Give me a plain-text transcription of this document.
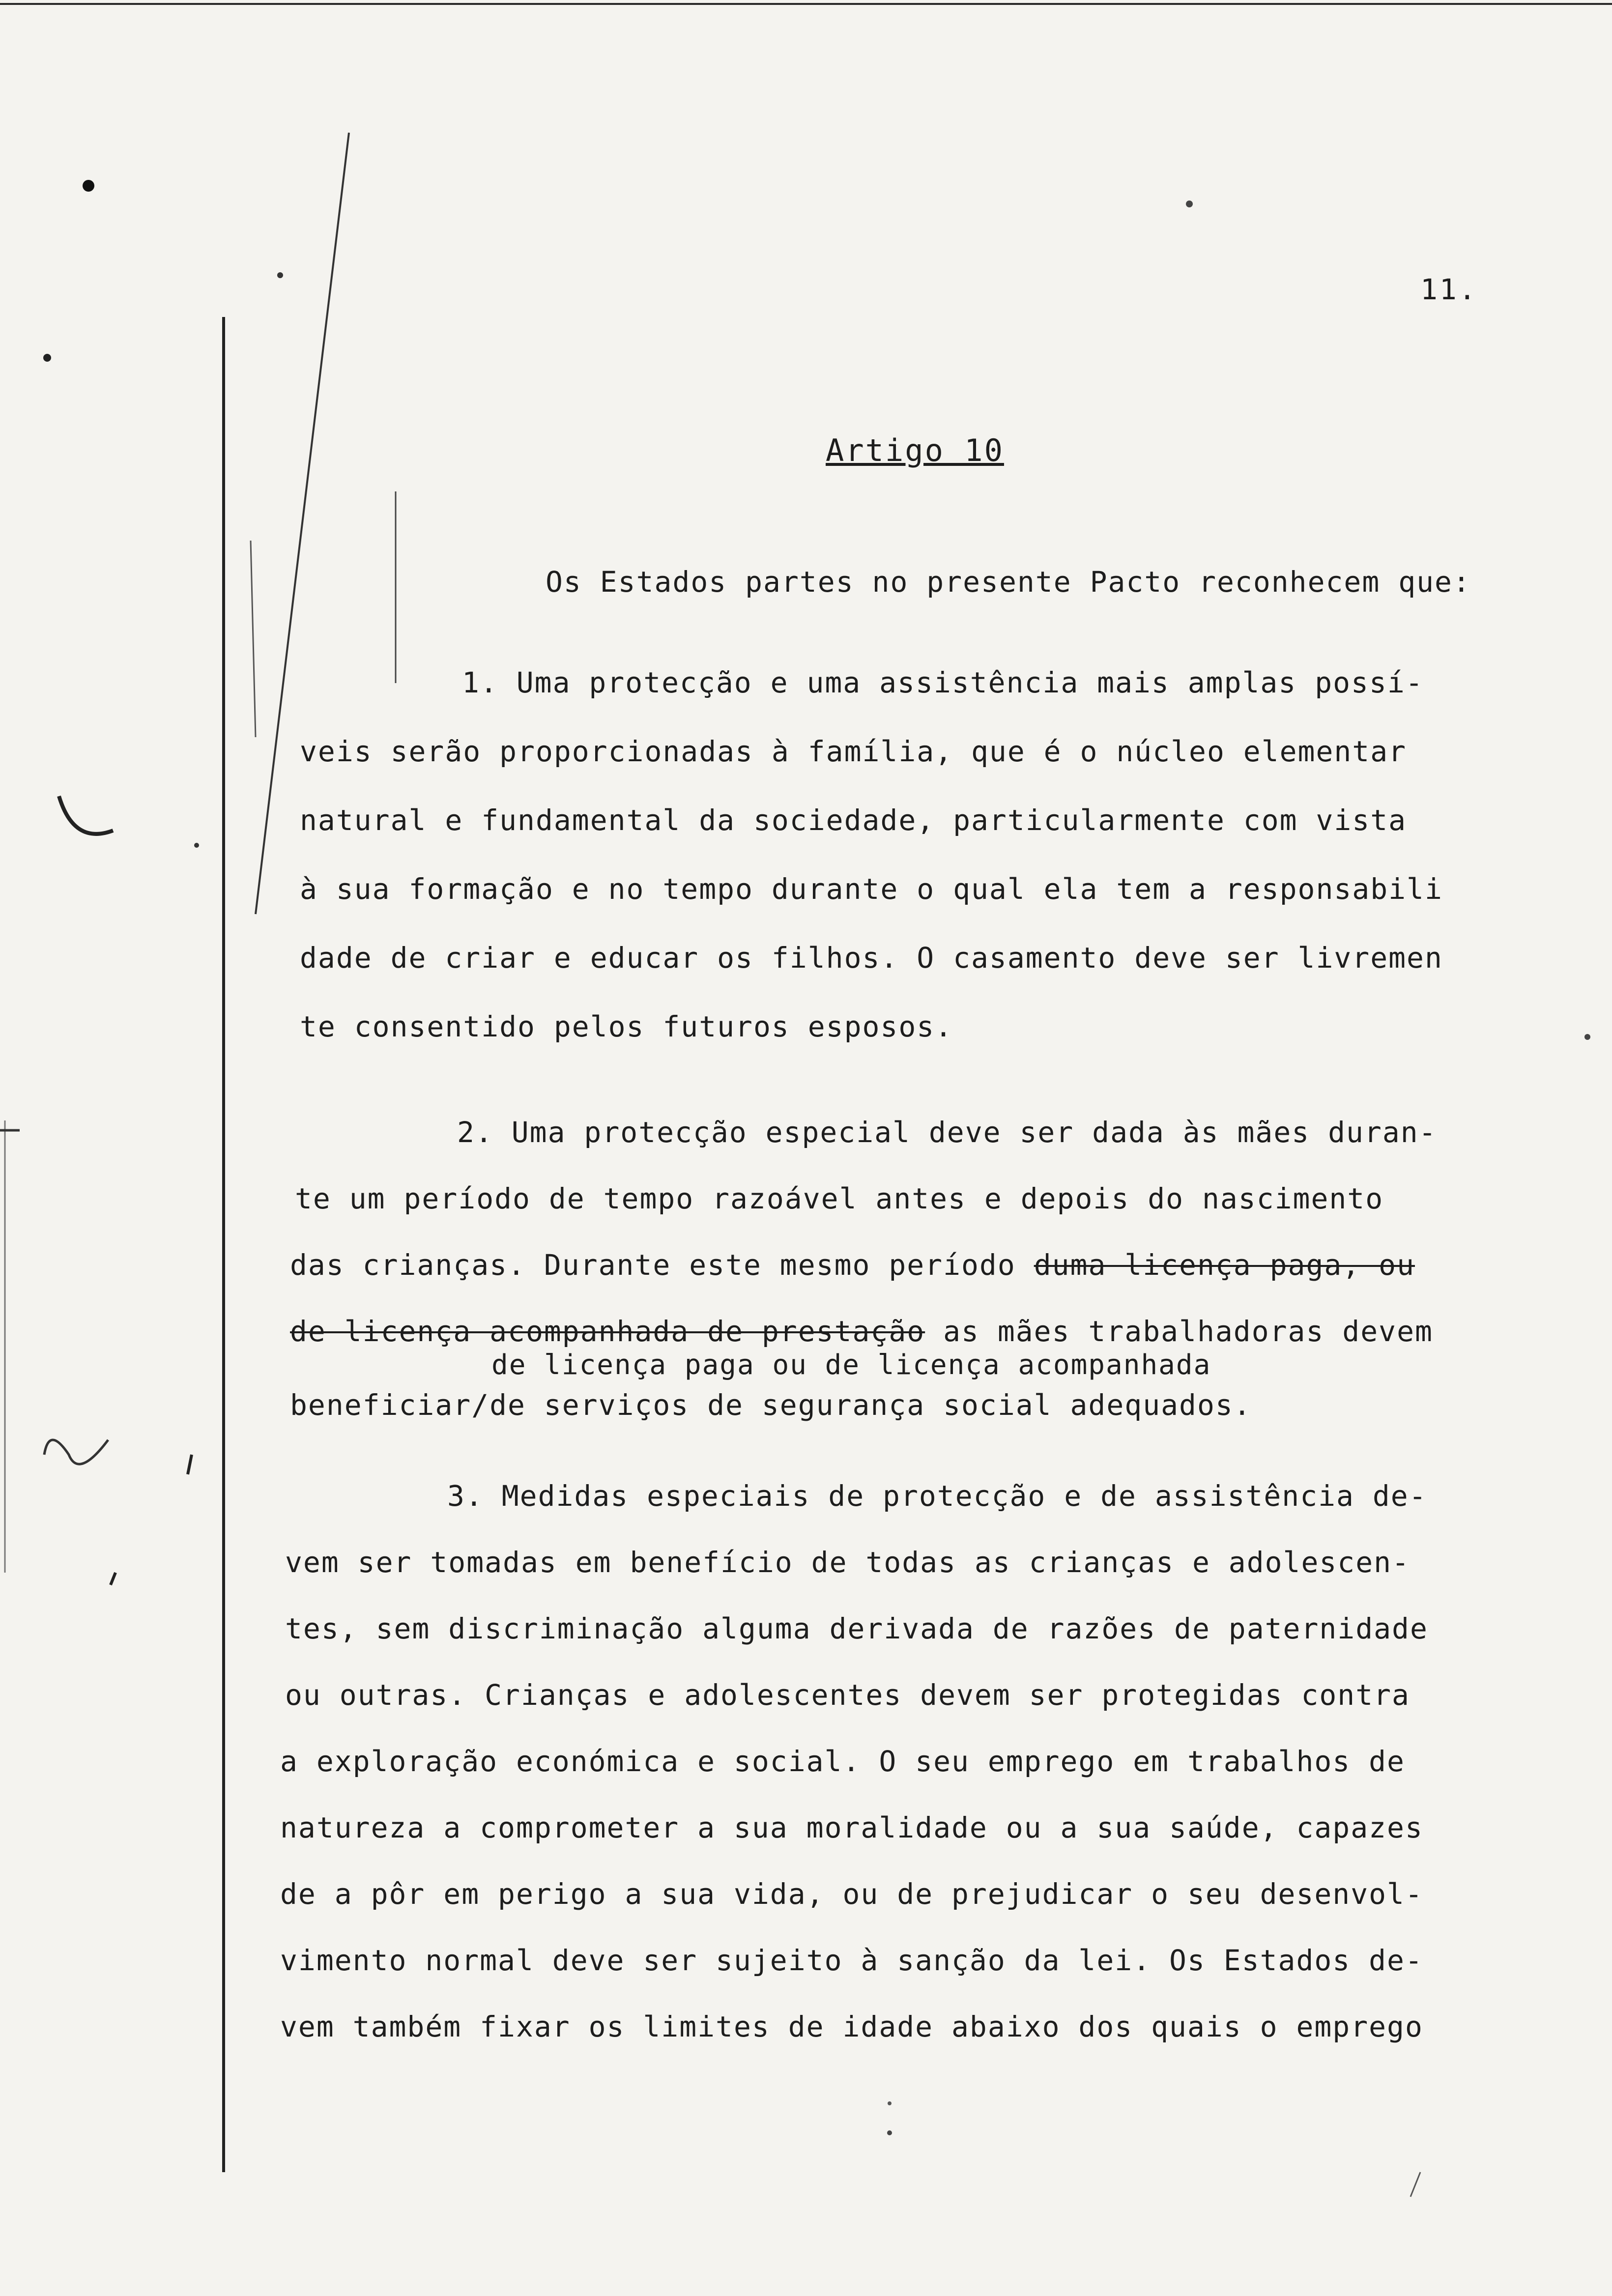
11.
Artigo 10
Os Estados partes no presente Pacto reconhecem que:
1. Uma protecção e uma assistência mais amplas possí-
veis serão proporcionadas à família, que é o núcleo elementar
natural e fundamental da sociedade, particularmente com vista
à sua formação e no tempo durante o qual ela tem a responsabili
dade de criar e educar os filhos. O casamento deve ser livremen
te consentido pelos futuros esposos.
2. Uma protecção especial deve ser dada às mães duran-
te um período de tempo razoável antes e depois do nascimento
das crianças. Durante este mesmo período duma licença paga, ou
de licença acompanhada de prestação as mães trabalhadoras devem
de licença paga ou de licença acompanhada
beneficiar/de serviços de segurança social adequados.
3. Medidas especiais de protecção e de assistência de-
vem ser tomadas em benefício de todas as crianças e adolescen-
tes, sem discriminação alguma derivada de razões de paternidade
ou outras. Crianças e adolescentes devem ser protegidas contra
a exploração económica e social. O seu emprego em trabalhos de
natureza a comprometer a sua moralidade ou a sua saúde, capazes
de a pôr em perigo a sua vida, ou de prejudicar o seu desenvol-
vimento normal deve ser sujeito à sanção da lei. Os Estados de-
vem também fixar os limites de idade abaixo dos quais o emprego
